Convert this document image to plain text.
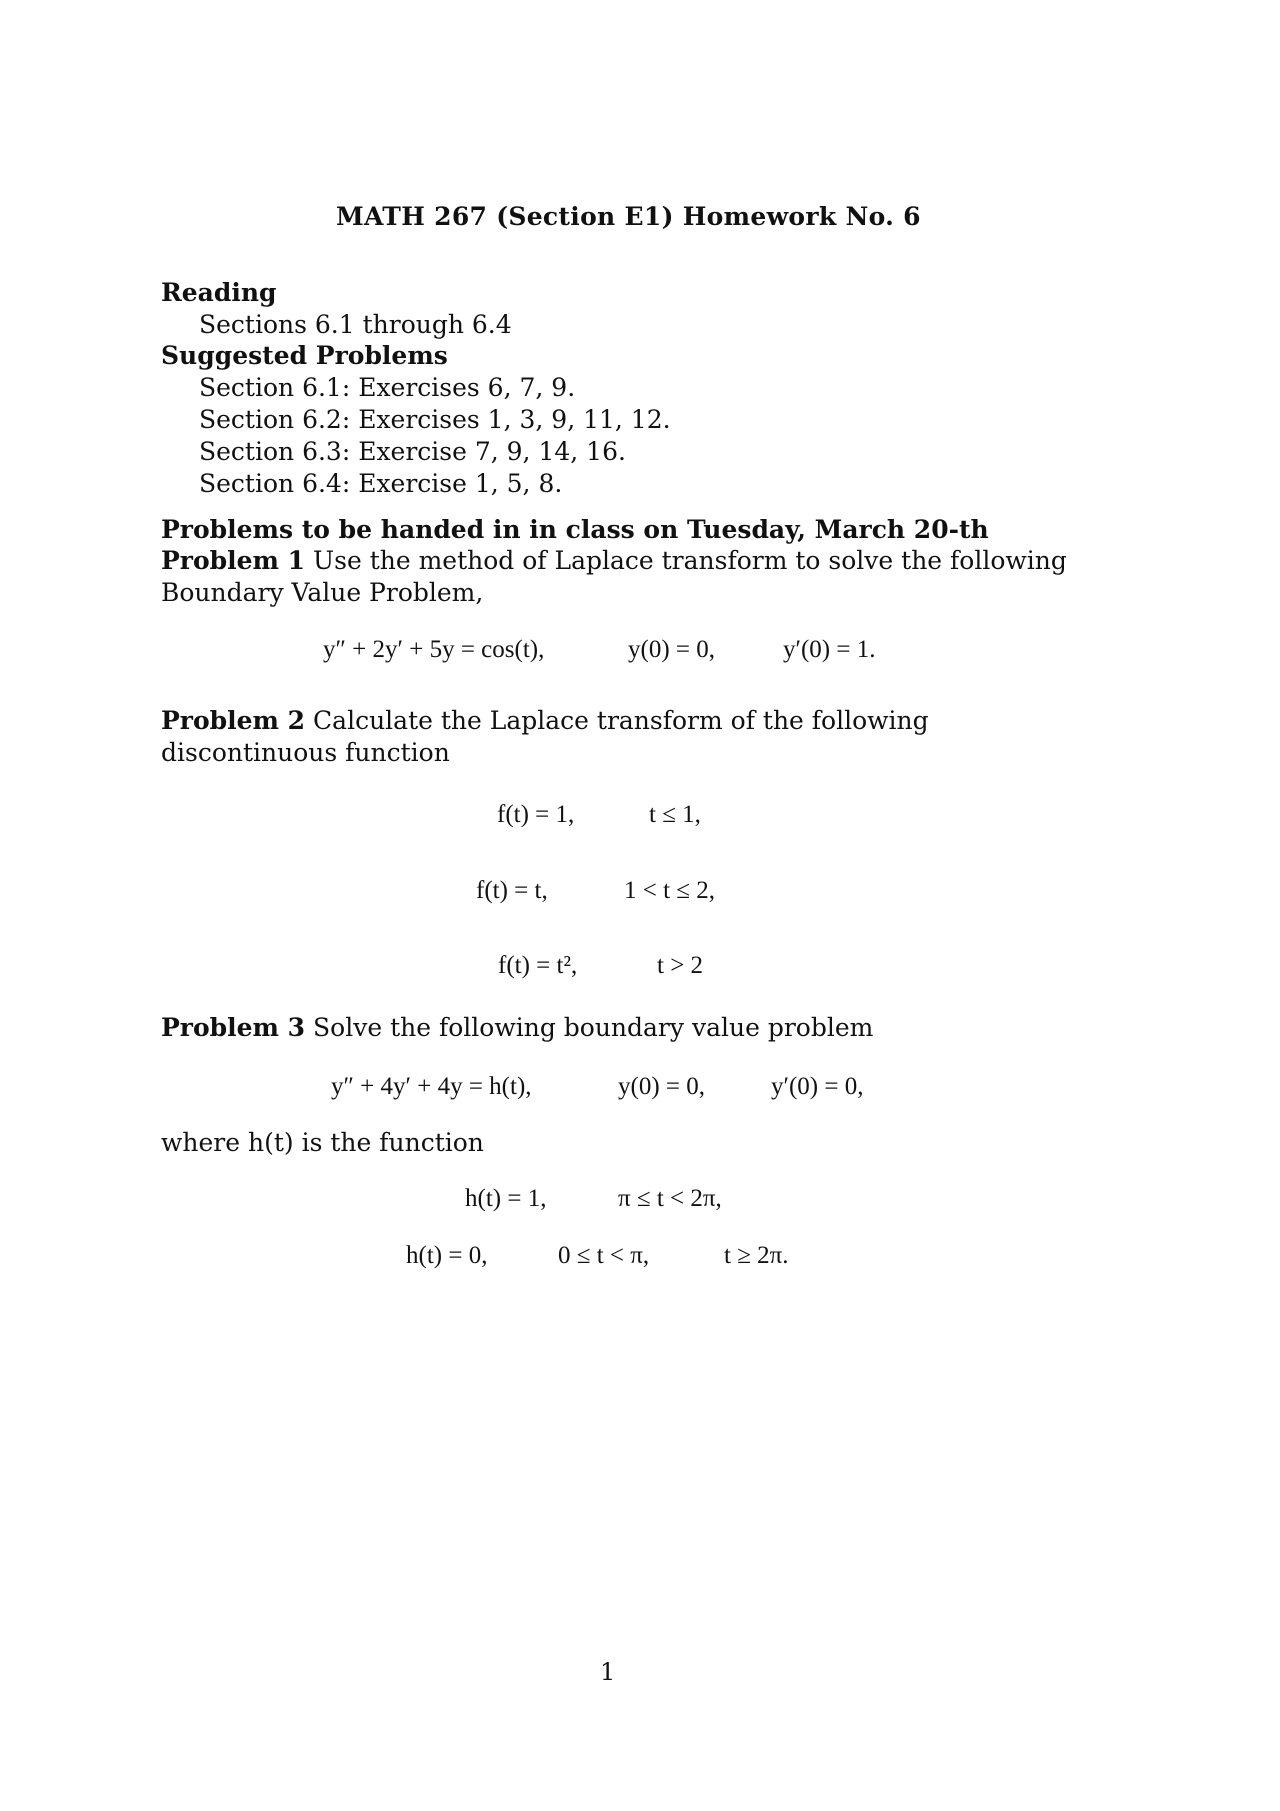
MATH 267 (Section E1) Homework No. 6
Reading
Sections 6.1 through 6.4
Suggested Problems
Section 6.1: Exercises 6, 7, 9.
Section 6.2: Exercises 1, 3, 9, 11, 12.
Section 6.3: Exercise 7, 9, 14, 16.
Section 6.4: Exercise 1, 5, 8.
Problems to be handed in in class on Tuesday, March 20-th
Problem 1 Use the method of Laplace transform to solve the following Boundary Value Problem,
y″ + 2y′ + 5y = cos(t),	y(0) = 0,	y′(0) = 1.
Problem 2 Calculate the Laplace transform of the following discontinuous function
f(t) = 1,	t ≤ 1,
f(t) = t,	1 < t ≤ 2,
f(t) = t²,	t > 2
Problem 3 Solve the following boundary value problem
y″ + 4y′ + 4y = h(t),	y(0) = 0,	y′(0) = 0,
where h(t) is the function
h(t) = 1,	π ≤ t < 2π,
h(t) = 0,	0 ≤ t < π,	t ≥ 2π.
1
